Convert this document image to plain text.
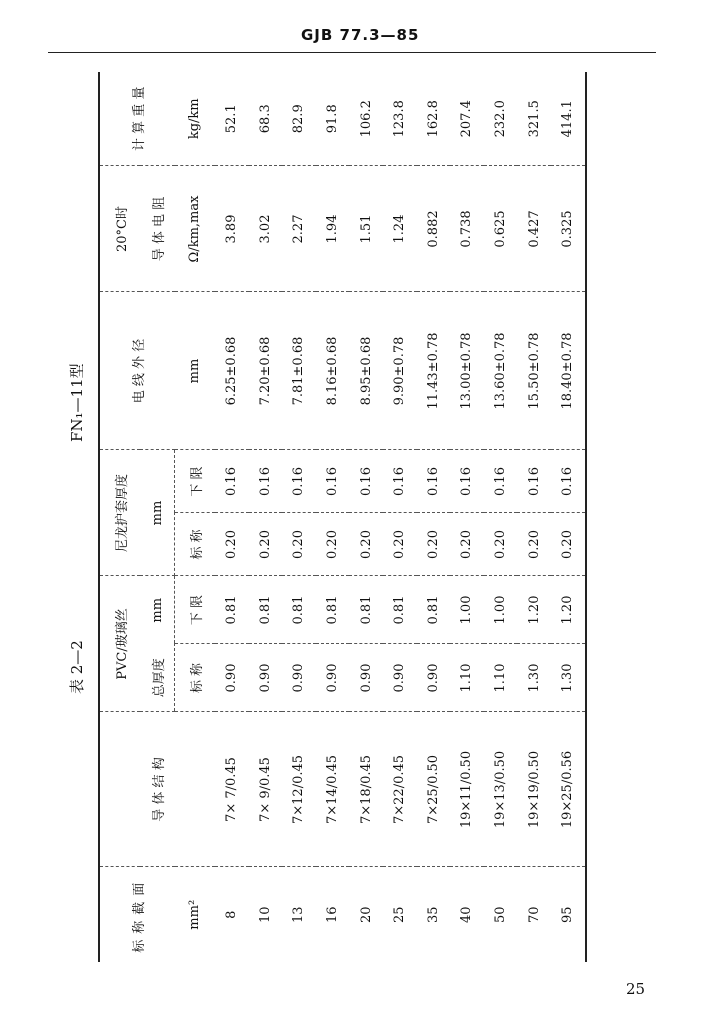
GJB 77.3—85
表 2—2
FN₁—11型

标称截面	导 体 结 构	PVC/玻璃丝		尼龙护套厚度		电 线 外 径	20°C时	计 算 重 量
		总厚度	mm	mm			导 体 电 阻	
mm²		标 称	下 限	标 称	下 限	mm	Ω/km,max	kg/km
8	7× 7/0.45	0.90	0.81	0.20	0.16	6.25±0.68	3.89	52.1
10	7× 9/0.45	0.90	0.81	0.20	0.16	7.20±0.68	3.02	68.3
13	7×12/0.45	0.90	0.81	0.20	0.16	7.81±0.68	2.27	82.9
16	7×14/0.45	0.90	0.81	0.20	0.16	8.16±0.68	1.94	91.8
20	7×18/0.45	0.90	0.81	0.20	0.16	8.95±0.68	1.51	106.2
25	7×22/0.45	0.90	0.81	0.20	0.16	9.90±0.78	1.24	123.8
35	7×25/0.50	0.90	0.81	0.20	0.16	11.43±0.78	0.882	162.8
40	19×11/0.50	1.10	1.00	0.20	0.16	13.00±0.78	0.738	207.4
50	19×13/0.50	1.10	1.00	0.20	0.16	13.60±0.78	0.625	232.0
70	19×19/0.50	1.30	1.20	0.20	0.16	15.50±0.78	0.427	321.5
95	19×25/0.56	1.30	1.20	0.20	0.16	18.40±0.78	0.325	414.1

25
